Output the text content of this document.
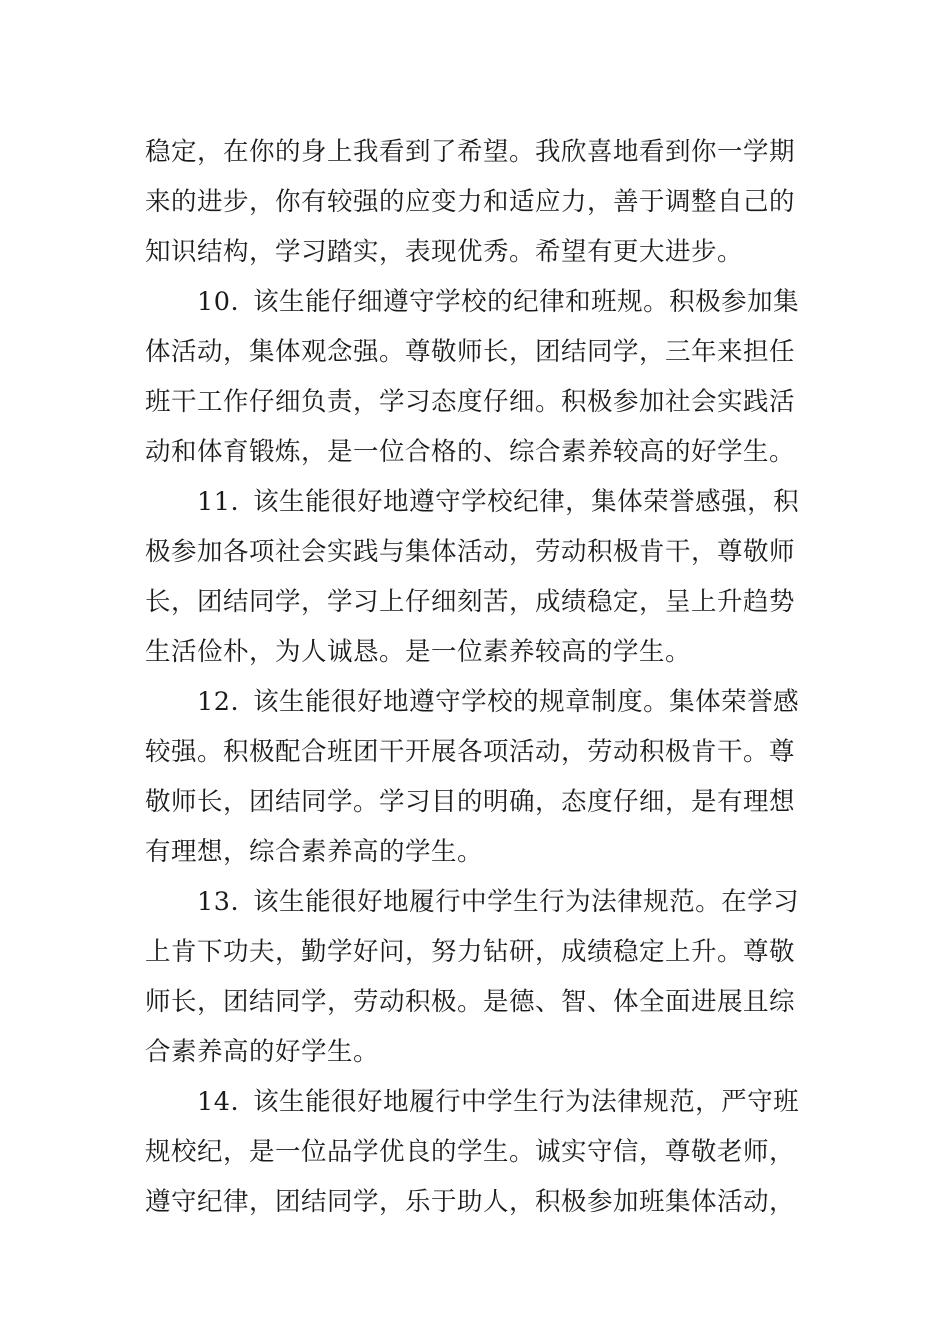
稳定，在你的身上我看到了希望。我欣喜地看到你一学期
来的进步，你有较强的应变力和适应力，善于调整自己的
知识结构，学习踏实，表现优秀。希望有更大进步。
10. 该生能仔细遵守学校的纪律和班规。积极参加集
体活动，集体观念强。尊敬师长，团结同学，三年来担任
班干工作仔细负责，学习态度仔细。积极参加社会实践活
动和体育锻炼，是一位合格的、综合素养较高的好学生。
11. 该生能很好地遵守学校纪律，集体荣誉感强，积
极参加各项社会实践与集体活动，劳动积极肯干，尊敬师
长，团结同学，学习上仔细刻苦，成绩稳定，呈上升趋势
生活俭朴，为人诚恳。是一位素养较高的学生。
12. 该生能很好地遵守学校的规章制度。集体荣誉感
较强。积极配合班团干开展各项活动，劳动积极肯干。尊
敬师长，团结同学。学习目的明确，态度仔细，是有理想
有理想，综合素养高的学生。
13. 该生能很好地履行中学生行为法律规范。在学习
上肯下功夫，勤学好问，努力钻研，成绩稳定上升。尊敬
师长，团结同学，劳动积极。是德、智、体全面进展且综
合素养高的好学生。
14. 该生能很好地履行中学生行为法律规范，严守班
规校纪，是一位品学优良的学生。诚实守信，尊敬老师，
遵守纪律，团结同学，乐于助人，积极参加班集体活动，
